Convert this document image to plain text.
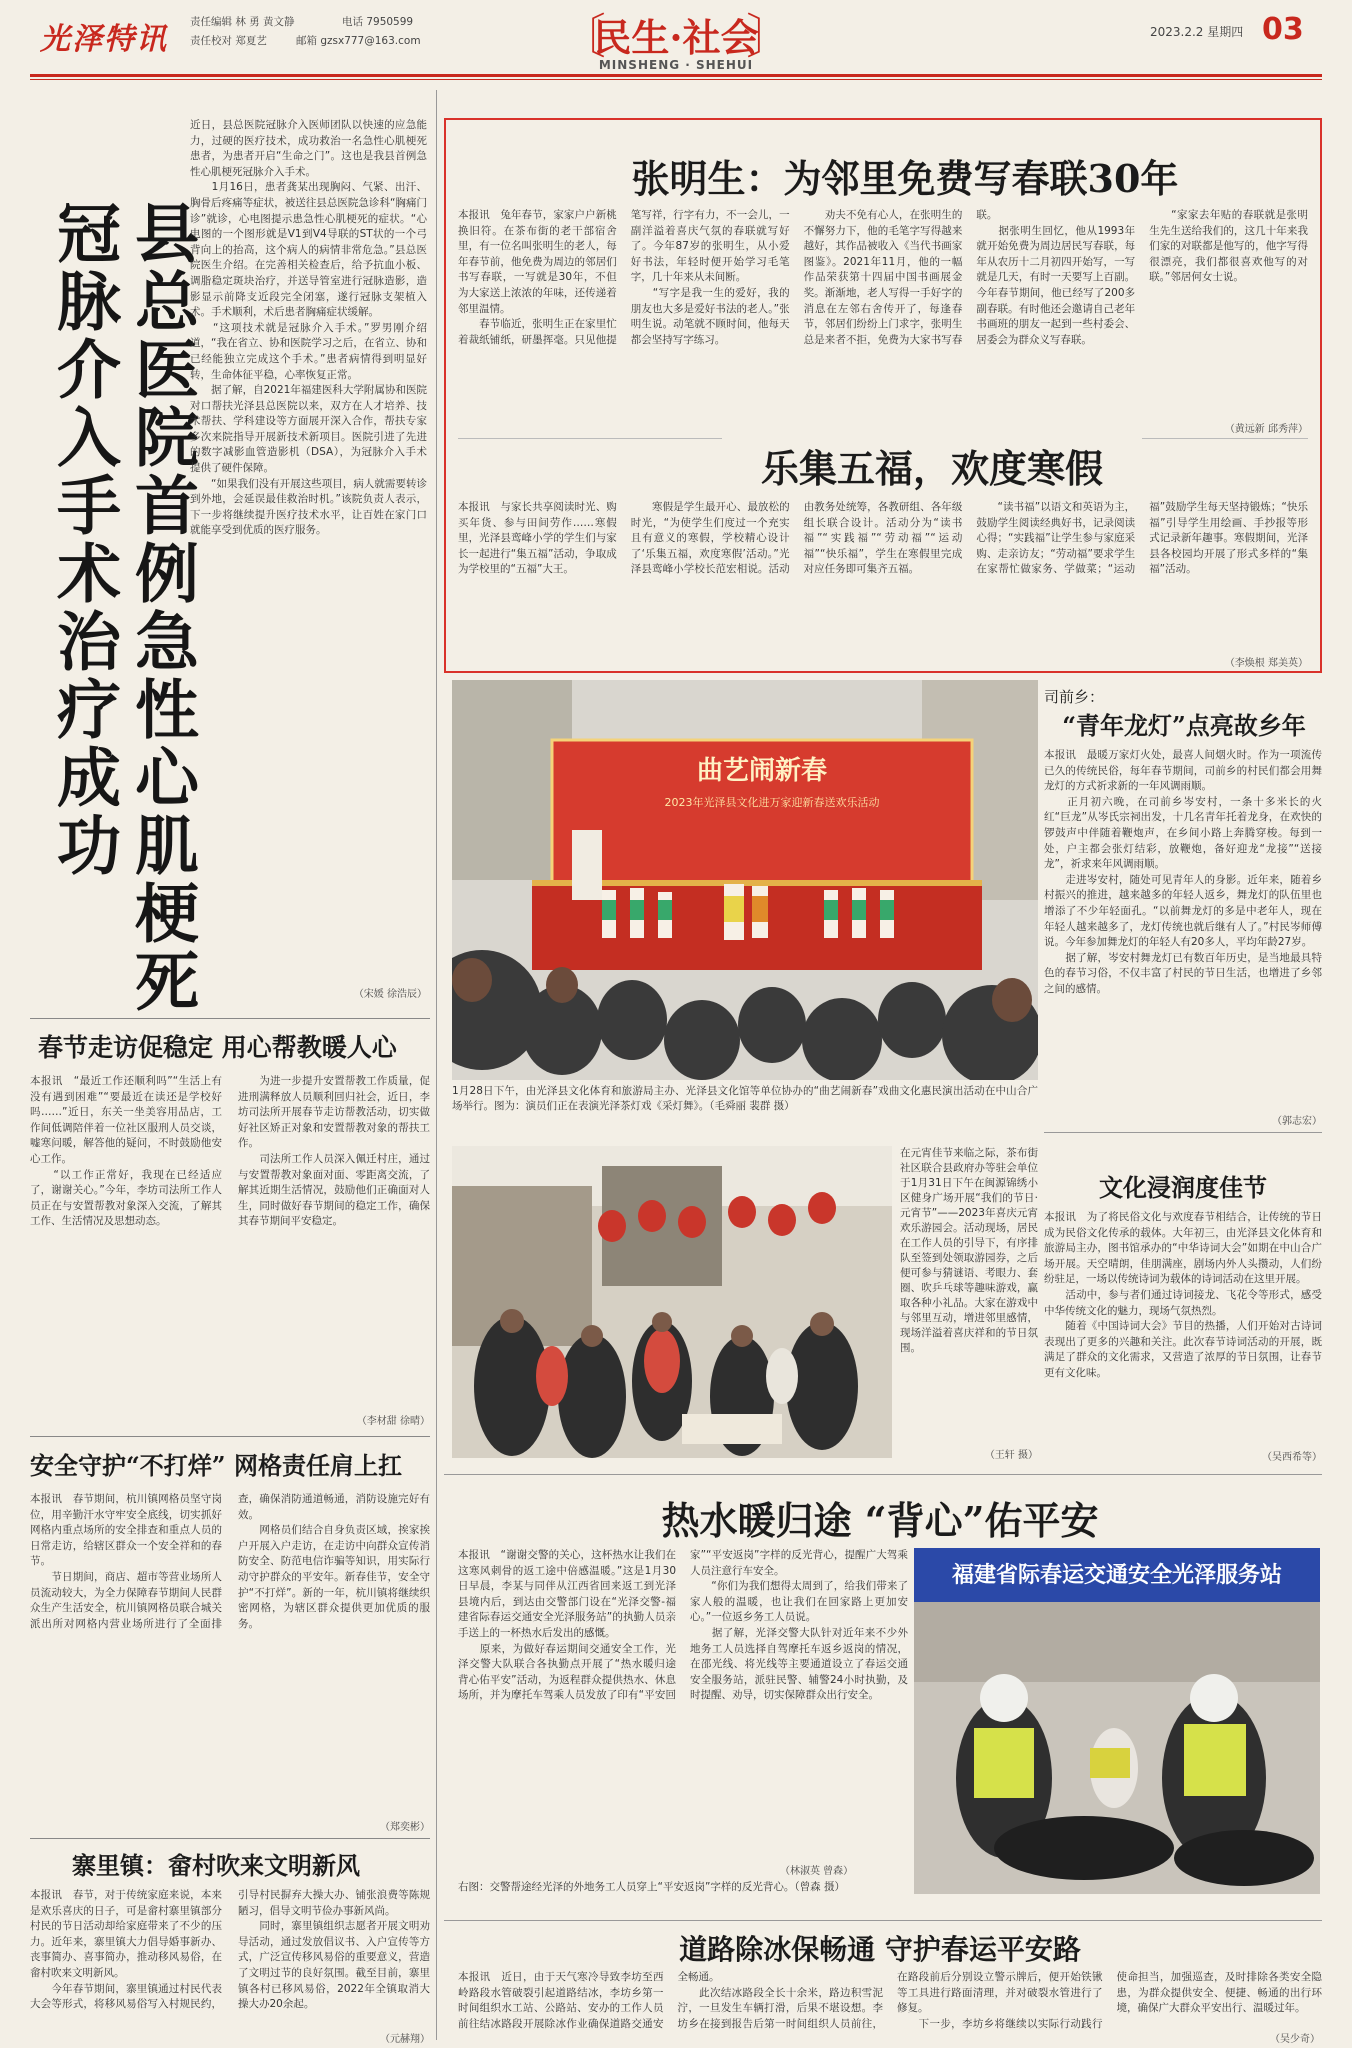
光泽特讯 责任编辑 林 勇 黄文静	电话 7950599
责任校对 郑夏艺	邮箱 gzsx777@163.com	〔
民生·社会
MINSHENG · SHEHUI
〕	2023.2.2 星期四 03
县总医院首例急性心肌梗死 冠脉介入手术治疗成功
近日，县总医院冠脉介入医师团队以快速的应急能力，过硬的医疗技术，成功救治一名急性心肌梗死患者，为患者开启“生命之门”。这也是我县首例急性心肌梗死冠脉介入手术。
　　1月16日，患者龚某出现胸闷、气紧、出汗、胸骨后疼痛等症状，被送往县总医院急诊科“胸痛门诊”就诊，心电图提示患急性心肌梗死的症状。“心电图的一个图形就是V1到V4导联的ST状的一个弓背向上的抬高，这个病人的病情非常危急。”县总医院医生介绍。在完善相关检查后，给予抗血小板、调脂稳定斑块治疗，并送导管室进行冠脉造影，造影显示前降支近段完全闭塞，遂行冠脉支架植入术。手术顺利，术后患者胸痛症状缓解。
　　“这项技术就是冠脉介入手术。”罗男刚介绍道，“我在省立、协和医院学习之后，在省立、协和已经能独立完成这个手术。”患者病情得到明显好转，生命体征平稳，心率恢复正常。
　　据了解，自2021年福建医科大学附属协和医院对口帮扶光泽县总医院以来，双方在人才培养、技术帮扶、学科建设等方面展开深入合作，帮扶专家多次来院指导开展新技术新项目。医院引进了先进的数字减影血管造影机（DSA），为冠脉介入手术提供了硬件保障。
　　“如果我们没有开展这些项目，病人就需要转诊到外地，会延误最佳救治时机。”该院负责人表示，下一步将继续提升医疗技术水平，让百姓在家门口就能享受到优质的医疗服务。
（宋媛 徐浩辰）
春节走访促稳定 用心帮教暖人心
本报讯　“最近工作还顺利吗”“生活上有没有遇到困难”“要最近在读还是学校好吗……”近日，东关一坐美容用品店，工作间低调陪伴着一位社区服刑人员交谈，嘘寒问暖，解答他的疑问，不时鼓励他安心工作。
　　“以工作正常好，我现在已经适应了，谢谢关心。”今年，李坊司法所工作人员正在与安置帮教对象深入交流，了解其工作、生活情况及思想动态。
　　为进一步提升安置帮教工作质量，促进刑满释放人员顺利回归社会，近日，李坊司法所开展春节走访帮教活动，切实做好社区矫正对象和安置帮教对象的帮扶工作。
　　司法所工作人员深入佩迁村庄，通过与安置帮教对象面对面、零距离交流，了解其近期生活情况，鼓励他们正确面对人生，同时做好春节期间的稳定工作，确保其春节期间平安稳定。
（李材甜 徐晴）
安全守护“不打烊” 网格责任肩上扛
本报讯　春节期间，杭川镇网格员坚守岗位，用辛勤汗水守牢安全底线，切实抓好网格内重点场所的安全排查和重点人员的日常走访，给辖区群众一个安全祥和的春节。
　　节日期间，商店、超市等营业场所人员流动较大，为全力保障春节期间人民群众生产生活安全，杭川镇网格员联合城关派出所对网格内营业场所进行了全面排查，确保消防通道畅通，消防设施完好有效。
　　网格员们结合自身负责区域，挨家挨户开展入户走访，在走访中向群众宣传消防安全、防范电信诈骗等知识，用实际行动守护群众的平安年。新春佳节，安全守护“不打烊”。新的一年，杭川镇将继续织密网格，为辖区群众提供更加优质的服务。
（郑奕彬）
寨里镇：畲村吹来文明新风
本报讯　春节，对于传统家庭来说，本来是欢乐喜庆的日子，可是畲村寨里镇部分村民的节日活动却给家庭带来了不少的压力。近年来，寨里镇大力倡导婚事新办、丧事简办、喜事简办，推动移风易俗，在畲村吹来文明新风。
　　今年春节期间，寨里镇通过村民代表大会等形式，将移风易俗写入村规民约，引导村民摒弃大操大办、铺张浪费等陈规陋习，倡导文明节俭办事新风尚。
　　同时，寨里镇组织志愿者开展文明劝导活动，通过发放倡议书、入户宣传等方式，广泛宣传移风易俗的重要意义，营造了文明过节的良好氛围。截至目前，寨里镇各村已移风易俗，2022年全镇取消大操大办20余起。
（元赫翔）
张明生：为邻里免费写春联30年
本报讯　兔年春节，家家户户新桃换旧符。在茶布街的老干部宿舍里，有一位名叫张明生的老人，每年春节前，他免费为周边的邻居们书写春联，一写就是30年，不但为大家送上浓浓的年味，还传递着邻里温情。
　　春节临近，张明生正在家里忙着裁纸铺纸，研墨挥毫。只见他提笔写祥，行字有力，不一会儿，一副洋溢着喜庆气氛的春联就写好了。今年87岁的张明生，从小爱好书法，年轻时便开始学习毛笔字，几十年来从未间断。
　　“写字是我一生的爱好，我的朋友也大多是爱好书法的老人。”张明生说。动笔就不顾时间，他每天都会坚持写字练习。
　　劝夫不免有心人，在张明生的不懈努力下，他的毛笔字写得越来越好，其作品被收入《当代书画家图鉴》。2021年11月，他的一幅作品荣获第十四届中国书画展金奖。渐渐地，老人写得一手好字的消息在左邻右舍传开了，每逢春节，邻居们纷纷上门求字，张明生总是来者不拒，免费为大家书写春联。
　　据张明生回忆，他从1993年就开始免费为周边居民写春联，每年从农历十二月初四开始写，一写就是几天，有时一天要写上百副。今年春节期间，他已经写了200多副春联。有时他还会邀请自己老年书画班的朋友一起到一些村委会、居委会为群众义写春联。
　　“家家去年贴的春联就是张明生先生送给我们的，这几十年来我们家的对联都是他写的，他字写得很漂亮，我们都很喜欢他写的对联。”邻居何女士说。
（黄远新 邱秀萍）
乐集五福，欢度寒假

本报讯　与家长共享阅读时光、购买年货、参与田间劳作……寒假里，光泽县鸾峰小学的学生们与家长一起进行“集五福”活动，争取成为学校里的“五福”大王。
　　寒假是学生最开心、最放松的时光，“为使学生们度过一个充实且有意义的寒假，学校精心设计了‘乐集五福，欢度寒假’活动。”光泽县鸾峰小学校长范宏相说。活动由教务处统筹，各教研组、各年级组长联合设计。活动分为“读书福”“实践福”“劳动福”“运动福”“快乐福”，学生在寒假里完成对应任务即可集齐五福。
　　“读书福”以语文和英语为主，鼓励学生阅读经典好书，记录阅读心得；“实践福”让学生参与家庭采购、走亲访友；“劳动福”要求学生在家帮忙做家务、学做菜；“运动福”鼓励学生每天坚持锻炼；“快乐福”引导学生用绘画、手抄报等形式记录新年趣事。寒假期间，光泽县各校园均开展了形式多样的“集福”活动。
（李焕根 郑美英）
曲艺闹新春
2023年光泽县文化进万家迎新春送欢乐活动
1月28日下午，由光泽县文化体育和旅游局主办、光泽县文化馆等单位协办的“曲艺闹新春”戏曲文化惠民演出活动在中山合广场举行。图为：演员们正在表演光泽茶灯戏《采灯舞》。（毛舜丽 裴群 摄）
司前乡：
“青年龙灯”点亮故乡年
本报讯　最暖万家灯火处，最喜人间烟火时。作为一项流传已久的传统民俗，每年春节期间，司前乡的村民们都会用舞龙灯的方式祈求新的一年风调雨顺。
　　正月初六晚，在司前乡岑安村，一条十多米长的火红“巨龙”从岑氏宗祠出发，十几名青年托着龙身，在欢快的锣鼓声中伴随着鞭炮声，在乡间小路上奔腾穿梭。每到一处，户主都会张灯结彩，放鞭炮，备好迎龙“龙接”“送接龙”，祈求来年风调雨顺。
　　走进岑安村，随处可见青年人的身影。近年来，随着乡村振兴的推进，越来越多的年轻人返乡，舞龙灯的队伍里也增添了不少年轻面孔。“以前舞龙灯的多是中老年人，现在年轻人越来越多了，龙灯传统也就后继有人了。”村民岑师傅说。今年参加舞龙灯的年轻人有20多人，平均年龄27岁。
　　据了解，岑安村舞龙灯已有数百年历史，是当地最具特色的春节习俗，不仅丰富了村民的节日生活，也增进了乡邻之间的感情。
（郭志宏）
在元宵佳节来临之际，茶布街社区联合县政府办等驻会单位于1月31日下午在闽源锦绣小区健身广场开展“我们的节日·元宵节”——2023年喜庆元宵欢乐游园会。活动现场，居民在工作人员的引导下，有序排队至签到处领取游园券，之后便可参与猜谜语、考眼力、套圈、吹乒乓球等趣味游戏，赢取各种小礼品。大家在游戏中与邻里互动，增进邻里感情，现场洋溢着喜庆祥和的节日氛围。
（王轩 摄）
文化浸润度佳节
本报讯　为了将民俗文化与欢度春节相结合，让传统的节日成为民俗文化传承的载体。大年初三，由光泽县文化体育和旅游局主办，图书馆承办的“中华诗词大会”如期在中山合广场开展。天空晴朗，佳朋满座，剧场内外人头攒动，人们纷纷驻足，一场以传统诗词为载体的诗词活动在这里开展。
　　活动中，参与者们通过诗词接龙、飞花令等形式，感受中华传统文化的魅力，现场气氛热烈。
　　随着《中国诗词大会》节目的热播，人们开始对古诗词表现出了更多的兴趣和关注。此次春节诗词活动的开展，既满足了群众的文化需求，又营造了浓厚的节日氛围，让春节更有文化味。
（吴西希等）
热水暖归途 “背心”佑平安
本报讯　“谢谢交警的关心，这杯热水让我们在这寒风刺骨的返工途中倍感温暖。”这是1月30日早晨，李某与同伴从江西省回来返工到光泽县境内后，到达由交警部门设在“光泽交警-福建省际春运交通安全光泽服务站”的执勤人员亲手送上的一杯热水后发出的感慨。
　　原来，为做好春运期间交通安全工作，光泽交警大队联合各执勤点开展了“热水暖归途 背心佑平安”活动，为返程群众提供热水、休息场所，并为摩托车驾乘人员发放了印有“平安回家”“平安返岗”字样的反光背心，提醒广大驾乘人员注意行车安全。
　　“你们为我们想得太周到了，给我们带来了家人般的温暖，也让我们在回家路上更加安心。”一位返乡务工人员说。
　　据了解，光泽交警大队针对近年来不少外地务工人员选择自驾摩托车返乡返岗的情况，在邵光线、将光线等主要通道设立了春运交通安全服务站，派驻民警、辅警24小时执勤，及时提醒、劝导，切实保障群众出行安全。
（林淑英 曾森）
福建省际春运交通安全光泽服务站
右图：交警帮途经光泽的外地务工人员穿上“平安返岗”字样的反光背心。（曾森 摄）
道路除冰保畅通 守护春运平安路
本报讯　近日，由于天气寒冷导致李坊至西岭路段水管破裂引起道路结冰，李坊乡第一时间组织水工站、公路站、安办的工作人员前往结冰路段开展除冰作业确保道路交通安全畅通。
　　此次结冰路段全长十余米，路边积雪泥泞，一旦发生车辆打滑，后果不堪设想。李坊乡在接到报告后第一时间组织人员前往，在路段前后分别设立警示牌后，便开始铁锹等工具进行路面清理，并对破裂水管进行了修复。
　　下一步，李坊乡将继续以实际行动践行使命担当，加强巡查，及时排除各类安全隐患，为群众提供安全、便捷、畅通的出行环境，确保广大群众平安出行、温暖过年。
（吴少奇）
